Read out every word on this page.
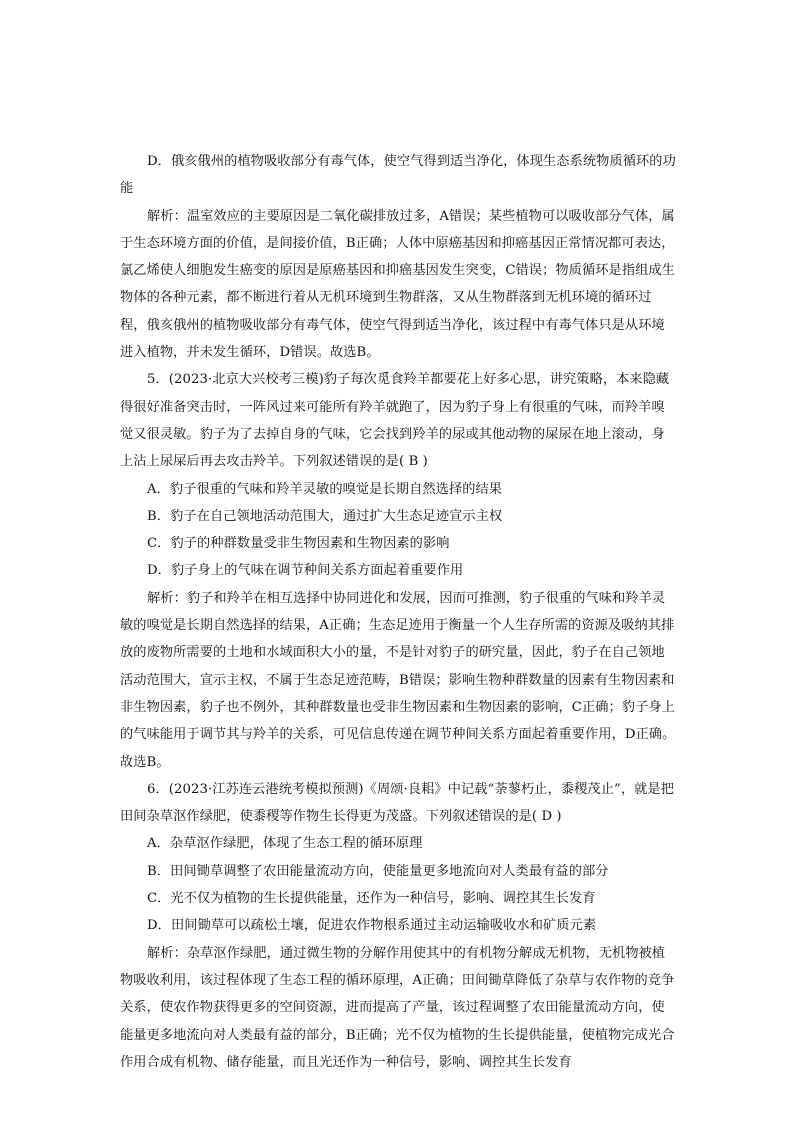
D．俄亥俄州的植物吸收部分有毒气体，使空气得到适当净化，体现生态系统物质循环的功能

解析：温室效应的主要原因是二氧化碳排放过多，A错误；某些植物可以吸收部分气体，属于生态环境方面的价值，是间接价值，B正确；人体中原癌基因和抑癌基因正常情况都可表达，氯乙烯使人细胞发生癌变的原因是原癌基因和抑癌基因发生突变，C错误；物质循环是指组成生物体的各种元素，都不断进行着从无机环境到生物群落，又从生物群落到无机环境的循环过程，俄亥俄州的植物吸收部分有毒气体，使空气得到适当净化，该过程中有毒气体只是从环境进入植物，并未发生循环，D错误。故选B。

5．(2023·北京大兴校考三模)豹子每次觅食羚羊都要花上好多心思，讲究策略，本来隐藏得很好准备突击时，一阵风过来可能所有羚羊就跑了，因为豹子身上有很重的气味，而羚羊嗅觉又很灵敏。豹子为了去掉自身的气味，它会找到羚羊的尿或其他动物的屎尿在地上滚动，身上沾上尿屎后再去攻击羚羊。下列叙述错误的是( B )

A．豹子很重的气味和羚羊灵敏的嗅觉是长期自然选择的结果

B．豹子在自己领地活动范围大，通过扩大生态足迹宣示主权

C．豹子的种群数量受非生物因素和生物因素的影响

D．豹子身上的气味在调节种间关系方面起着重要作用

解析：豹子和羚羊在相互选择中协同进化和发展，因而可推测，豹子很重的气味和羚羊灵敏的嗅觉是长期自然选择的结果，A正确；生态足迹用于衡量一个人生存所需的资源及吸纳其排放的废物所需要的土地和水域面积大小的量，不是针对豹子的研究量，因此，豹子在自己领地活动范围大，宣示主权，不属于生态足迹范畴，B错误；影响生物种群数量的因素有生物因素和非生物因素，豹子也不例外，其种群数量也受非生物因素和生物因素的影响，C正确；豹子身上的气味能用于调节其与羚羊的关系，可见信息传递在调节种间关系方面起着重要作用，D正确。故选B。

6．(2023·江苏连云港统考模拟预测)《周颂·良耜》中记载“荼蓼朽止，黍稷茂止”，就是把田间杂草沤作绿肥，使黍稷等作物生长得更为茂盛。下列叙述错误的是( D )

A．杂草沤作绿肥，体现了生态工程的循环原理

B．田间锄草调整了农田能量流动方向，使能量更多地流向对人类最有益的部分

C．光不仅为植物的生长提供能量，还作为一种信号，影响、调控其生长发育

D．田间锄草可以疏松土壤，促进农作物根系通过主动运输吸收水和矿质元素

解析：杂草沤作绿肥，通过微生物的分解作用使其中的有机物分解成无机物，无机物被植物吸收利用，该过程体现了生态工程的循环原理，A正确；田间锄草降低了杂草与农作物的竞争关系，使农作物获得更多的空间资源，进而提高了产量，该过程调整了农田能量流动方向，使能量更多地流向对人类最有益的部分，B正确；光不仅为植物的生长提供能量，使植物完成光合作用合成有机物、储存能量，而且光还作为一种信号，影响、调控其生长发育
